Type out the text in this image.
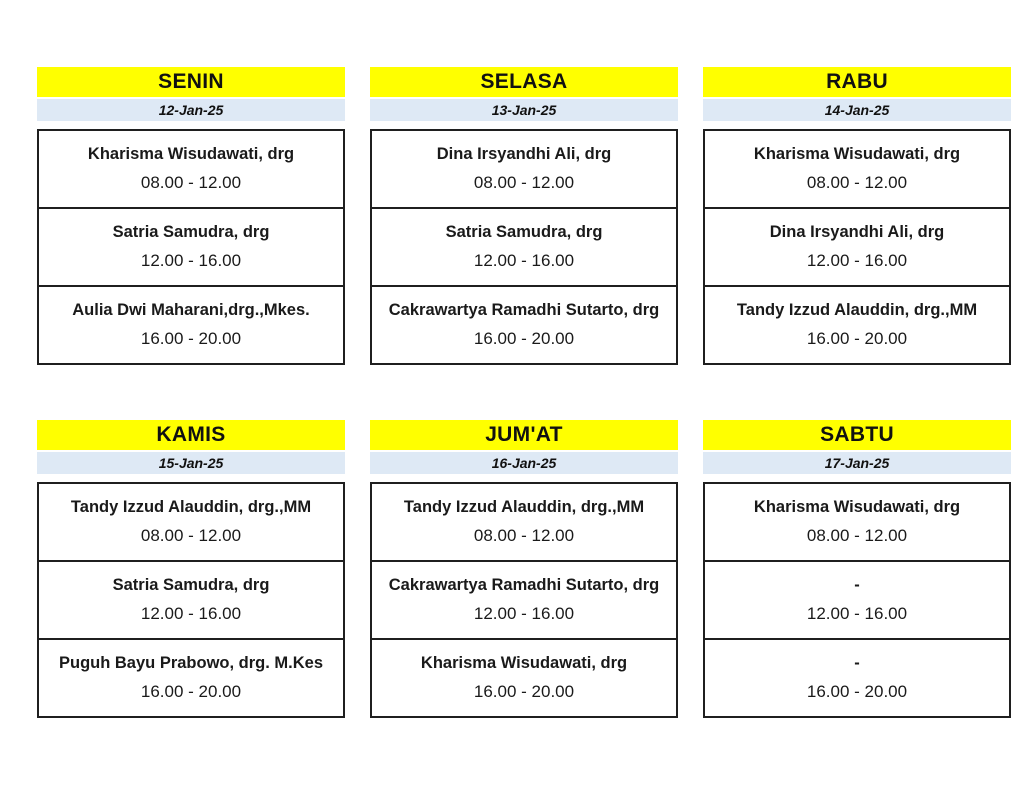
SENIN
12-Jan-25
Kharisma Wisudawati, drg
08.00 - 12.00
Satria Samudra, drg
12.00 - 16.00
Aulia Dwi Maharani,drg.,Mkes.
16.00 - 20.00
SELASA
13-Jan-25
Dina Irsyandhi Ali, drg
08.00 - 12.00
Satria Samudra, drg
12.00 - 16.00
Cakrawartya Ramadhi Sutarto, drg
16.00 - 20.00
RABU
14-Jan-25
Kharisma Wisudawati, drg
08.00 - 12.00
Dina Irsyandhi Ali, drg
12.00 - 16.00
Tandy Izzud Alauddin, drg.,MM
16.00 - 20.00
KAMIS
15-Jan-25
Tandy Izzud Alauddin, drg.,MM
08.00 - 12.00
Satria Samudra, drg
12.00 - 16.00
Puguh Bayu Prabowo, drg. M.Kes
16.00 - 20.00
JUM'AT
16-Jan-25
Tandy Izzud Alauddin, drg.,MM
08.00 - 12.00
Cakrawartya Ramadhi Sutarto, drg
12.00 - 16.00
Kharisma Wisudawati, drg
16.00 - 20.00
SABTU
17-Jan-25
Kharisma Wisudawati, drg
08.00 - 12.00
-
12.00 - 16.00
-
16.00 - 20.00
